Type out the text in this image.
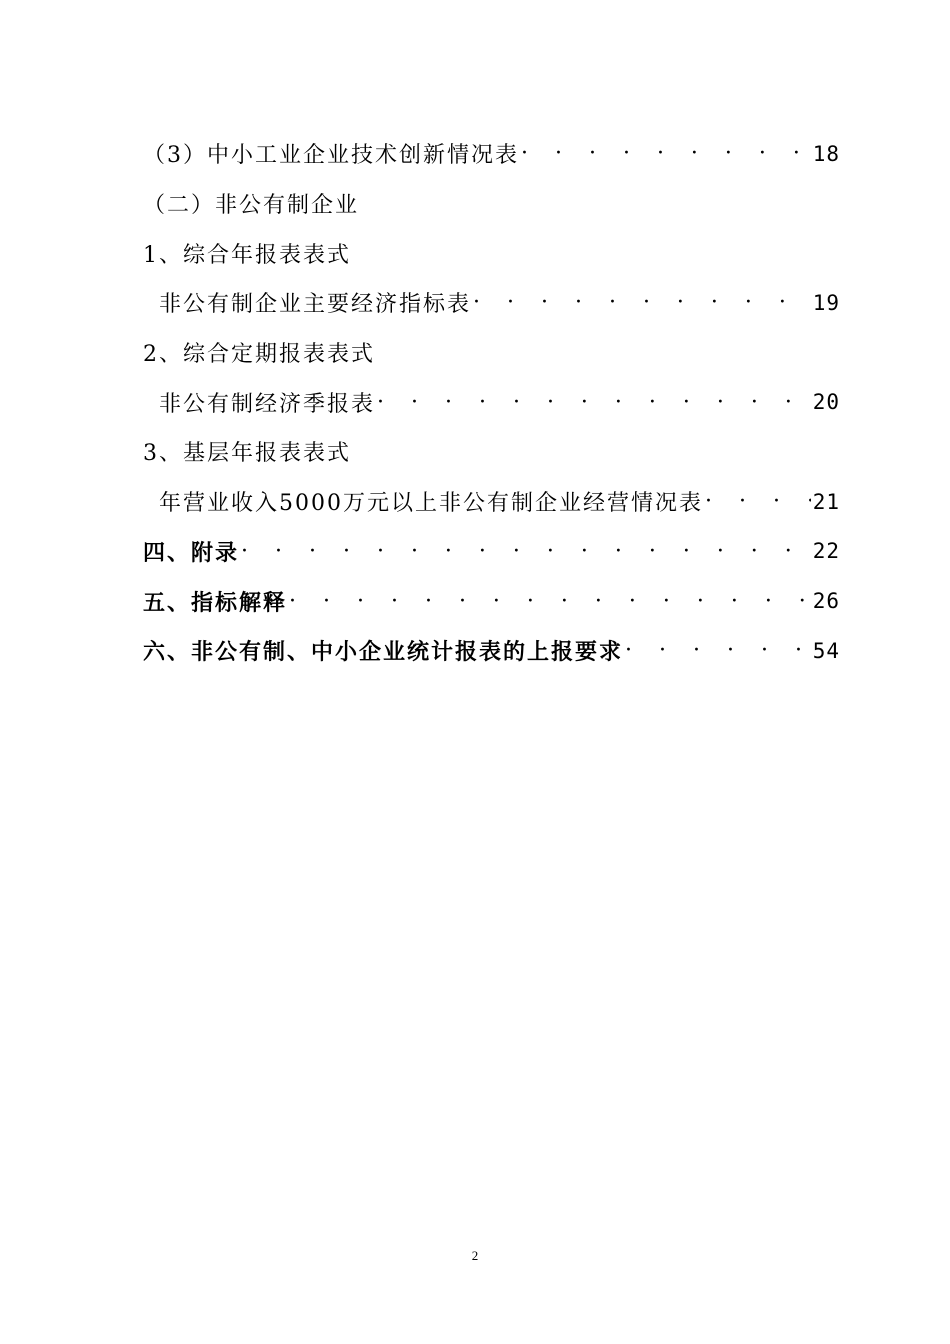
（3）中小工业企业技术创新情况表 · · ·	18
（二）非公有制企业
1、综合年报表表式
非公有制企业主要经济指标表 · · ·	19
2、综合定期报表表式
非公有制经济季报表 · · ·	20
3、基层年报表表式
年营业收入5000万元以上非公有制企业经营情况表 · · ·	21
四、附录 · · ·	22
五、指标解释 · · ·	26
六、非公有制、中小企业统计报表的上报要求 · · ·	54
2
